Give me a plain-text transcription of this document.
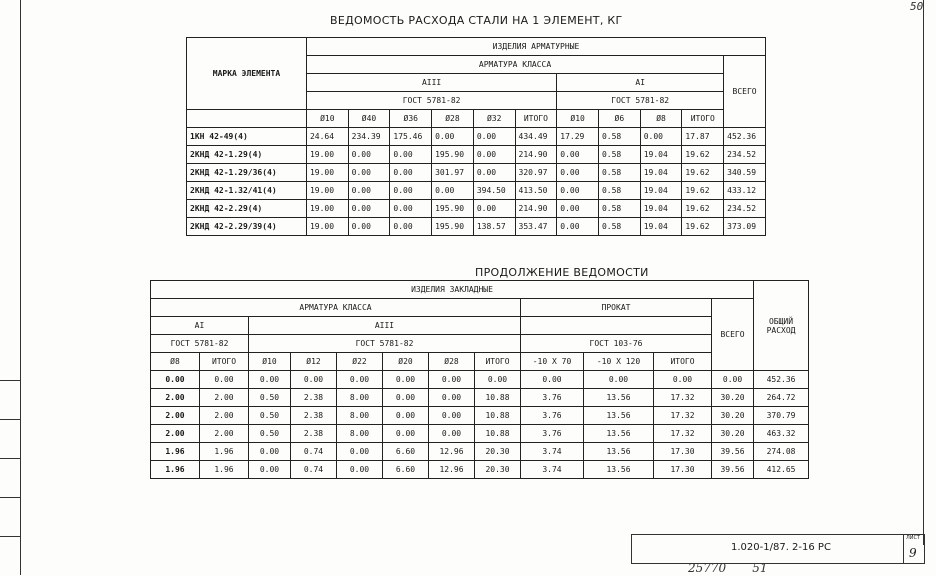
50
ВЕДОМОСТЬ РАСХОДА СТАЛИ НА 1 ЭЛЕМЕНТ, КГ
МАРКА ЭЛЕМЕНТА	ИЗДЕЛИЯ АРМАТУРНЫЕ										
	АРМАТУРА КЛАССА										ВСЕГО
	AIII						AI				
	ГОСТ 5781-82						ГОСТ 5781-82				
	Ø10	Ø40	Ø36	Ø28	Ø32	ИТОГО	Ø10	Ø6	Ø8	ИТОГО	
1КН 42-49(4)	24.64	234.39	175.46	0.00	0.00	434.49	17.29	0.58	0.00	17.87	452.36
2КНД 42-1.29(4)	19.00	0.00	0.00	195.90	0.00	214.90	0.00	0.58	19.04	19.62	234.52
2КНД 42-1.29/36(4)	19.00	0.00	0.00	301.97	0.00	320.97	0.00	0.58	19.04	19.62	340.59
2КНД 42-1.32/41(4)	19.00	0.00	0.00	0.00	394.50	413.50	0.00	0.58	19.04	19.62	433.12
2КНД 42-2.29(4)	19.00	0.00	0.00	195.90	0.00	214.90	0.00	0.58	19.04	19.62	234.52
2КНД 42-2.29/39(4)	19.00	0.00	0.00	195.90	138.57	353.47	0.00	0.58	19.04	19.62	373.09
ПРОДОЛЖЕНИЕ ВЕДОМОСТИ
ИЗДЕЛИЯ ЗАКЛАДНЫЕ												ОБЩИЙ
РАСХОД
АРМАТУРА КЛАССА								ПРОКАТ			ВСЕГО	
AI		AIII										
ГОСТ 5781-82		ГОСТ 5781-82						ГОСТ 103-76				
Ø8	ИТОГО	Ø10	Ø12	Ø22	Ø20	Ø28	ИТОГО	-10 X 70	-10 X 120	ИТОГО		
0.00	0.00	0.00	0.00	0.00	0.00	0.00	0.00	0.00	0.00	0.00	0.00	452.36
2.00	2.00	0.50	2.38	8.00	0.00	0.00	10.88	3.76	13.56	17.32	30.20	264.72
2.00	2.00	0.50	2.38	8.00	0.00	0.00	10.88	3.76	13.56	17.32	30.20	370.79
2.00	2.00	0.50	2.38	8.00	0.00	0.00	10.88	3.76	13.56	17.32	30.20	463.32
1.96	1.96	0.00	0.74	0.00	6.60	12.96	20.30	3.74	13.56	17.30	39.56	274.08
1.96	1.96	0.00	0.74	0.00	6.60	12.96	20.30	3.74	13.56	17.30	39.56	412.65
1.020-1/87. 2-16 РС
ЛИСТ
9
25770 51
